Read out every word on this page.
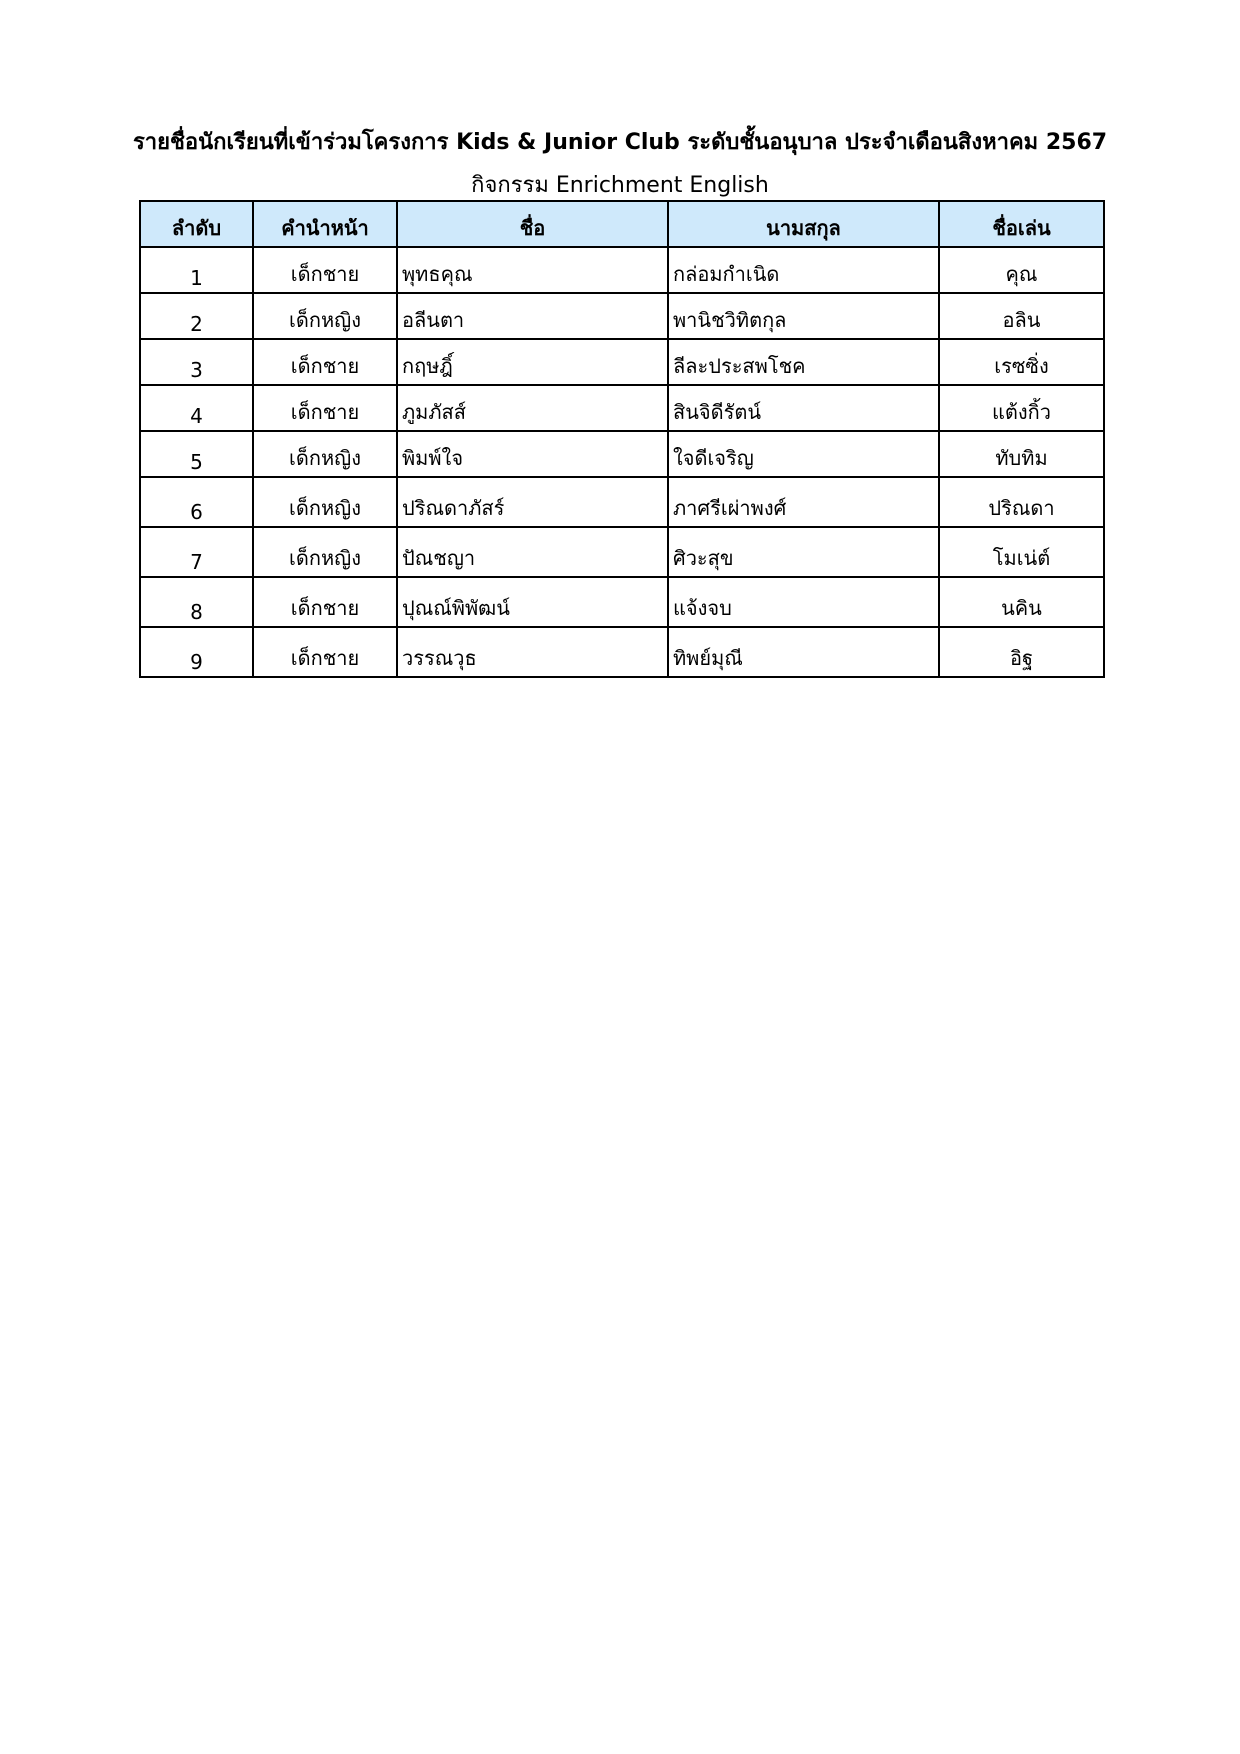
รายชื่อนักเรียนที่เข้าร่วมโครงการ Kids & Junior Club ระดับชั้นอนุบาล ประจำเดือนสิงหาคม 2567
กิจกรรม Enrichment English
ลำดับ	คำนำหน้า	ชื่อ	นามสกุล	ชื่อเล่น
1	เด็กชาย	พุทธคุณ	กล่อมกำเนิด	คุณ
2	เด็กหญิง	อลีนตา	พานิชวิทิตกุล	อลิน
3	เด็กชาย	กฤษฎิ์	ลีละประสพโชค	เรซซิ่ง
4	เด็กชาย	ภูมภัสส์	สินจิดีรัตน์	แต้งกิ้ว
5	เด็กหญิง	พิมพ์ใจ	ใจดีเจริญ	ทับทิม
6	เด็กหญิง	ปริณดาภัสร์	ภาศรีเผ่าพงศ์	ปริณดา
7	เด็กหญิง	ปัณชญา	ศิวะสุข	โมเน่ต์
8	เด็กชาย	ปุณณ์พิพัฒน์	แจ้งจบ	นคิน
9	เด็กชาย	วรรณวุธ	ทิพย์มุณี	อิฐ
